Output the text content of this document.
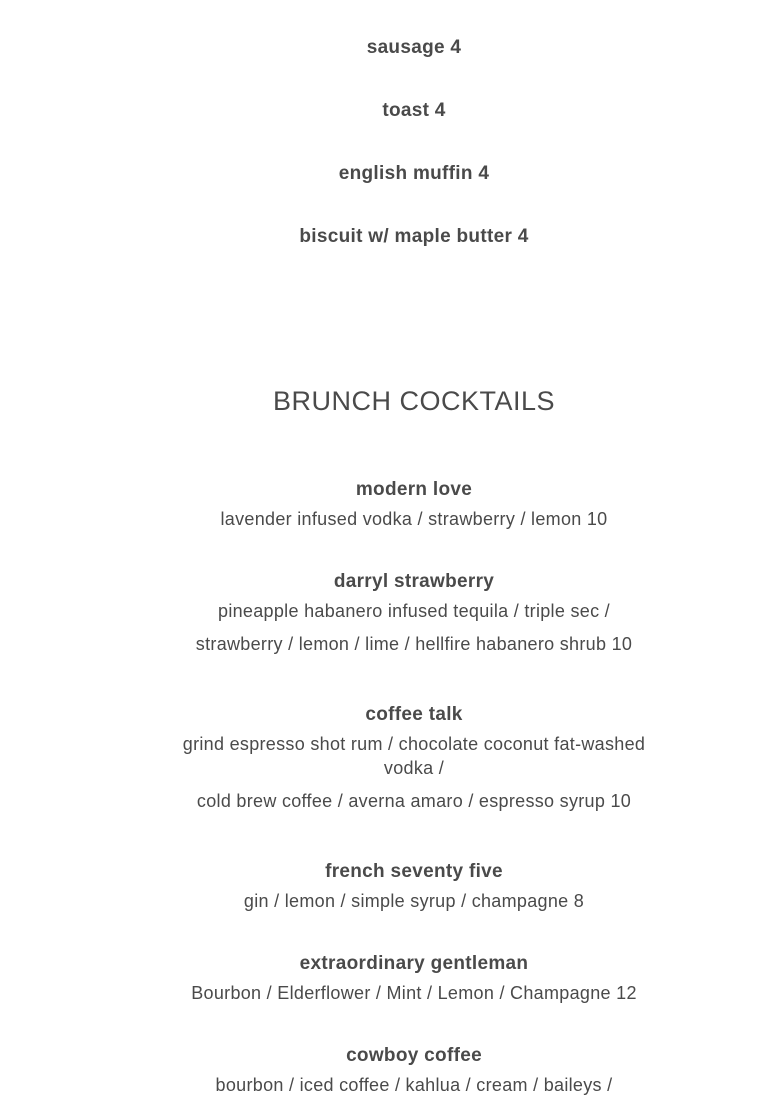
sausage 4
toast 4
english muffin 4
biscuit w/ maple butter 4
BRUNCH COCKTAILS
modern love
lavender infused vodka / strawberry / lemon 10
darryl strawberry
pineapple habanero infused tequila / triple sec /
strawberry / lemon / lime / hellfire habanero shrub 10
coffee talk
grind espresso shot rum / chocolate coconut fat-washed vodka /
cold brew coffee / averna amaro / espresso syrup 10
french seventy five
gin / lemon / simple syrup / champagne 8
extraordinary gentleman
Bourbon / Elderflower / Mint / Lemon / Champagne 12
cowboy coffee
bourbon / iced coffee / kahlua / cream / baileys /
